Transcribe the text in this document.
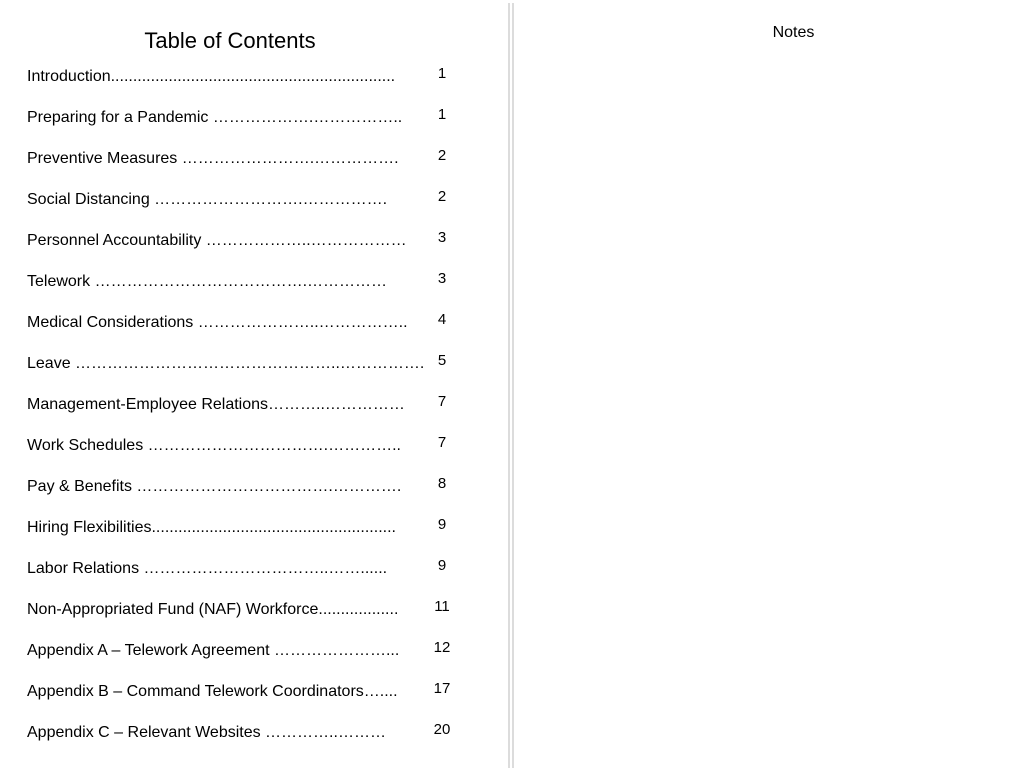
Table of Contents
Introduction................................................................	1
Preparing for a Pandemic ……………….……………..	1
Preventive Measures …………………….…………….	2
Social Distancing ……………………….…………….	2
Personnel Accountability ………………..………………	3
Telework ………………………………….……………	3
Medical Considerations …………………..……………..	4
Leave …………………………………………..……………. 5
Management-Employee Relations………..……………	7
Work Schedules …………………………….…………..	7
Pay & Benefits ……………………………….………….	8
Hiring Flexibilities.......................................................	9
Labor Relations ……………………………..……......	9
Non-Appropriated Fund (NAF) Workforce..................	11
Appendix A – Telework Agreement …………………...	12
Appendix B – Command Telework Coordinators…....	17
Appendix C – Relevant Websites …………..………	20
Notes
